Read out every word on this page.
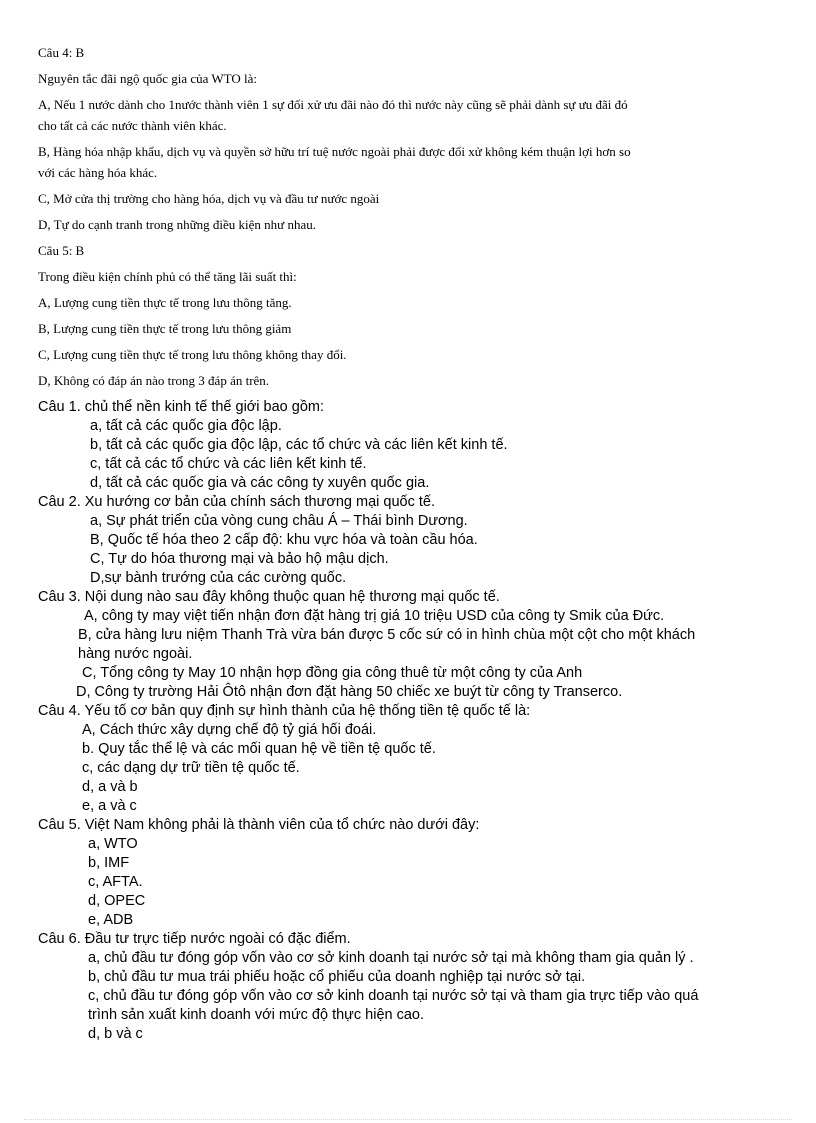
Câu 4: B
Nguyên tắc đãi ngộ quốc gia của WTO là:
A, Nếu 1 nước dành cho 1nước thành viên 1 sự đối xử ưu đãi nào đó thì nước này cũng sẽ phải dành sự ưu đãi đó
cho tất cả các nước thành viên khác.
B, Hàng hóa nhập khẩu, dịch vụ và quyền sở hữu trí tuệ nước ngoài phải được đối xử không kém thuận lợi hơn so
với các hàng hóa khác.
C, Mở cửa thị trường cho hàng hóa, dịch vụ và đầu tư nước ngoài
D, Tự do cạnh tranh trong những điều kiện như nhau.
Câu 5: B
Trong điều kiện chính phủ có thể tăng lãi suất thì:
A, Lượng cung tiền thực tế trong lưu thông tăng.
B, Lượng cung tiền thực tế trong lưu thông giảm
C, Lượng cung tiền thực tế trong lưu thông không thay đổi.
D, Không có đáp án nào trong 3 đáp án trên.
Câu 1. chủ thể nền kinh tế thế giới bao gồm:
a, tất cả các quốc gia độc lập.
b, tất cả các quốc gia độc lập, các tổ chức và các liên kết kinh tế.
c, tất cả các tổ chức và các liên kết kinh tế.
d, tất cả các quốc gia và các công ty xuyên quốc gia.
Câu 2. Xu hướng cơ bản của chính sách thương mại quốc tế.
a, Sự phát triển của vòng cung châu Á – Thái bình Dương.
B, Quốc tế hóa theo 2 cấp độ: khu vực hóa và toàn cầu hóa.
C, Tự do hóa thương mại và bảo hộ mậu dịch.
D,sự bành trướng của các cường quốc.
Câu 3. Nội dung nào sau đây không thuộc quan hệ thương mại quốc tế.
A, công ty may việt tiến nhận đơn đặt hàng trị giá 10 triệu USD của công ty Smik của Đức.
B, cửa hàng lưu niệm Thanh Trà vừa bán được 5 cốc sứ có in hình chùa một cột cho một khách
hàng nước ngoài.
C, Tổng công ty May 10 nhận hợp đồng gia công thuê từ một công ty của Anh
D, Công ty trường Hải Ôtô nhận đơn đặt hàng 50 chiếc xe buýt từ công ty Transerco.
Câu 4. Yếu tố cơ bản quy định sự hình thành của hệ thống tiền tệ quốc tế là:
A, Cách thức xây dựng chế độ tỷ giá hối đoái.
b. Quy tắc thể lệ và các mối quan hệ về tiền tệ quốc tế.
c, các dạng dự trữ tiền tệ quốc tế.
d, a và b
e, a và c
Câu 5. Việt Nam không phải là thành viên của tổ chức nào dưới đây:
a, WTO
b, IMF
c, AFTA.
d, OPEC
e, ADB
Câu 6. Đầu tư trực tiếp nước ngoài có đặc điểm.
a, chủ đầu tư đóng góp vốn vào cơ sở kinh doanh tại nước sở tại mà không tham gia quản lý .
b, chủ đầu tư mua trái phiếu hoặc cổ phiếu của doanh nghiệp tại nước sở tại.
c, chủ đầu tư đóng góp vốn vào cơ sở kinh doanh tại nước sở tại và tham gia trực tiếp vào quá
trình sản xuất kinh doanh với mức độ thực hiện cao.
d, b và c
